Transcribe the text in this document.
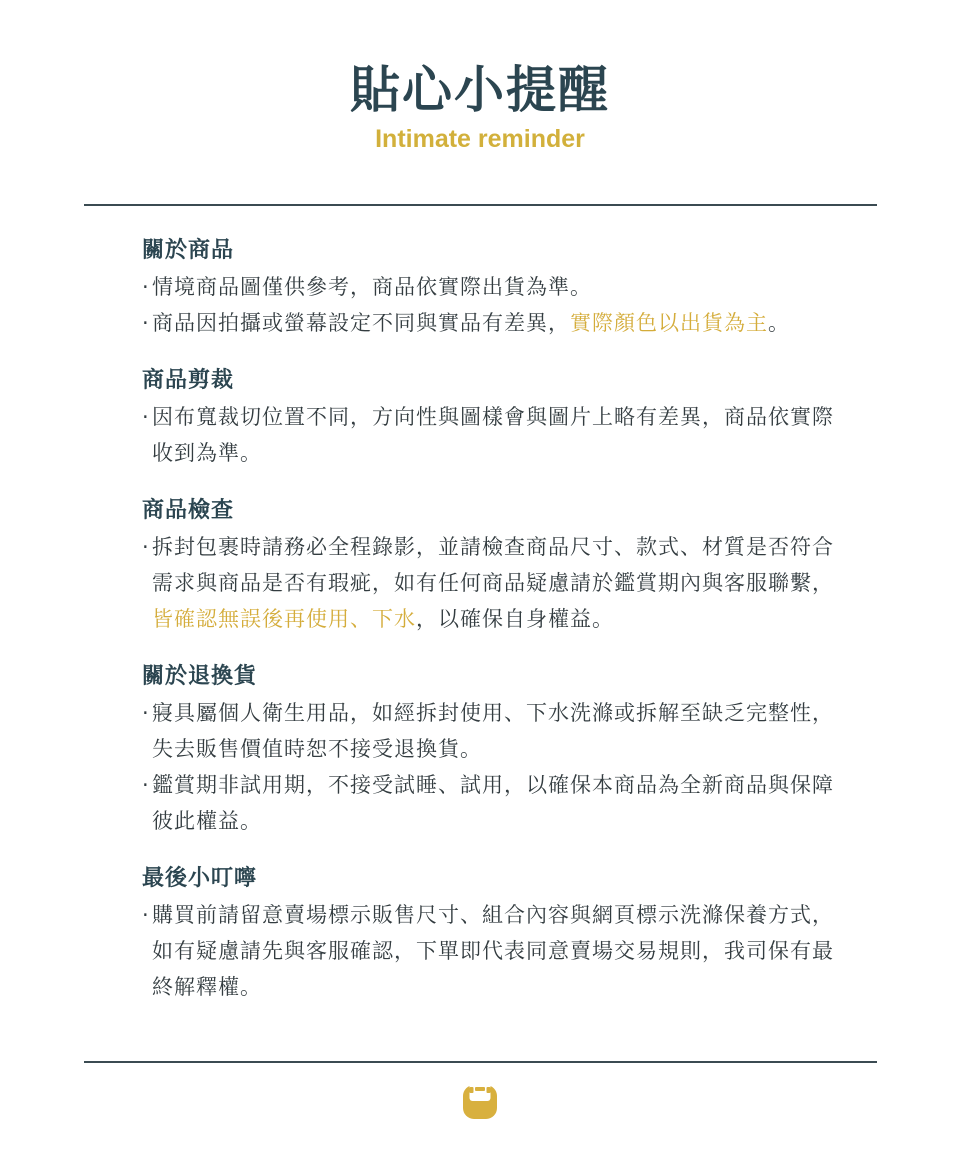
貼心小提醒
Intimate reminder
關於商品
· 情境商品圖僅供參考，商品依實際出貨為準。
· 商品因拍攝或螢幕設定不同與實品有差異，實際顏色以出貨為主。
商品剪裁
· 因布寬裁切位置不同，方向性與圖樣會與圖片上略有差異，商品依實際收到為準。
商品檢查
· 拆封包裹時請務必全程錄影，並請檢查商品尺寸、款式、材質是否符合需求與商品是否有瑕疵，如有任何商品疑慮請於鑑賞期內與客服聯繫，皆確認無誤後再使用、下水，以確保自身權益。
關於退換貨
· 寢具屬個人衛生用品，如經拆封使用、下水洗滌或拆解至缺乏完整性，失去販售價值時恕不接受退換貨。
· 鑑賞期非試用期，不接受試睡、試用，以確保本商品為全新商品與保障彼此權益。
最後小叮嚀
· 購買前請留意賣場標示販售尺寸、組合內容與網頁標示洗滌保養方式，如有疑慮請先與客服確認，下單即代表同意賣場交易規則，我司保有最終解釋權。
